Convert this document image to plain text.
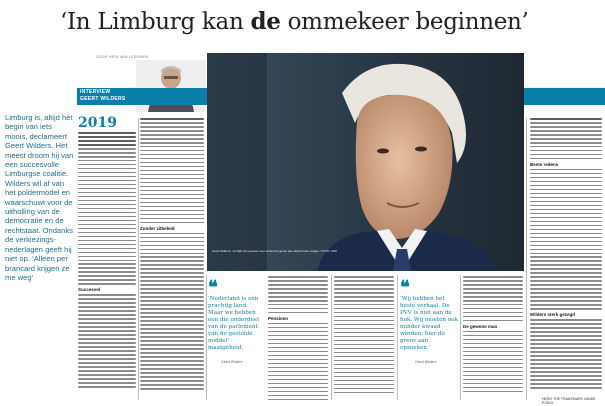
‘In Limburg kan de ommekeer beginnen’
DOOR HEIN VAN LEEUWEN
INTERVIEW
GEERT WILDERS
Geert Wilders: ‘Je blijft ons gewoon een antwoord geven aan allerlei hele vragen.’ FOTO: ANP
Limburg is, altijd hét begin van iets moois, declameert Geert Wilders. Het meest droom hij van een succesvolle Limburgse coalitie. Wilders wil af van het poldermodel en waarschuwt voor de uitholling van de democratie en de rechtstaat. Ondanks de verkiezings-nederlagen geeft hij niet op. ‘Alleen per brancard krijgen ze me weg’
2019
Succesvol
Zonder zitbeleid
❝
‘Nederland is een prachtig land. Maar we hebben een die onderdeel van de parlement van de gestolde middel’ maatgeheid.
Geert Wilders
Pensioen
❝
‘Wij hebben het beste verhaal. De PVV is niet aan de hok. Wij moeten ook minder kwaad worden, hier de grens aan opzoeken.’
Geert Wilders
De gewone man
Beste redens
Wilders sterk gezegd
HERO THE TRADEMARK VANDE PVDLK
